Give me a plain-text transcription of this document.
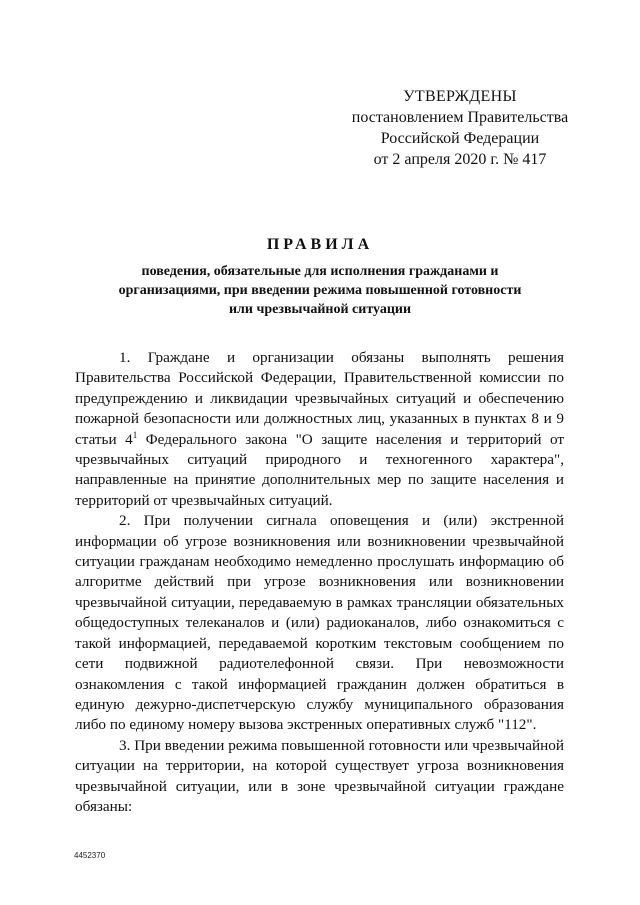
УТВЕРЖДЕНЫ
постановлением Правительства
Российской Федерации
от 2 апреля 2020 г. № 417
ПРАВИЛА
поведения, обязательные для исполнения гражданами и
организациями, при введении режима повышенной готовности
или чрезвычайной ситуации

1. Граждане и организации обязаны выполнять решения Правительства Российской Федерации, Правительственной комиссии по предупреждению и ликвидации чрезвычайных ситуаций и обеспечению пожарной безопасности или должностных лиц, указанных в пунктах 8 и 9 статьи $4^1$ Федерального закона "О защите населения и территорий от чрезвычайных ситуаций природного и техногенного характера", направленные на принятие дополнительных мер по защите населения и территорий от чрезвычайных ситуаций.

2. При получении сигнала оповещения и (или) экстренной информации об угрозе возникновения или возникновении чрезвычайной ситуации гражданам необходимо немедленно прослушать информацию об алгоритме действий при угрозе возникновения или возникновении чрезвычайной ситуации, передаваемую в рамках трансляции обязательных общедоступных телеканалов и (или) радиоканалов, либо ознакомиться с такой информацией, передаваемой коротким текстовым сообщением по сети подвижной радиотелефонной связи. При невозможности ознакомления с такой информацией гражданин должен обратиться в единую дежурно-диспетчерскую службу муниципального образования либо по единому номеру вызова экстренных оперативных служб "112".

3. При введении режима повышенной готовности или чрезвычайной ситуации на территории, на которой существует угроза возникновения чрезвычайной ситуации, или в зоне чрезвычайной ситуации граждане обязаны:

4452370
